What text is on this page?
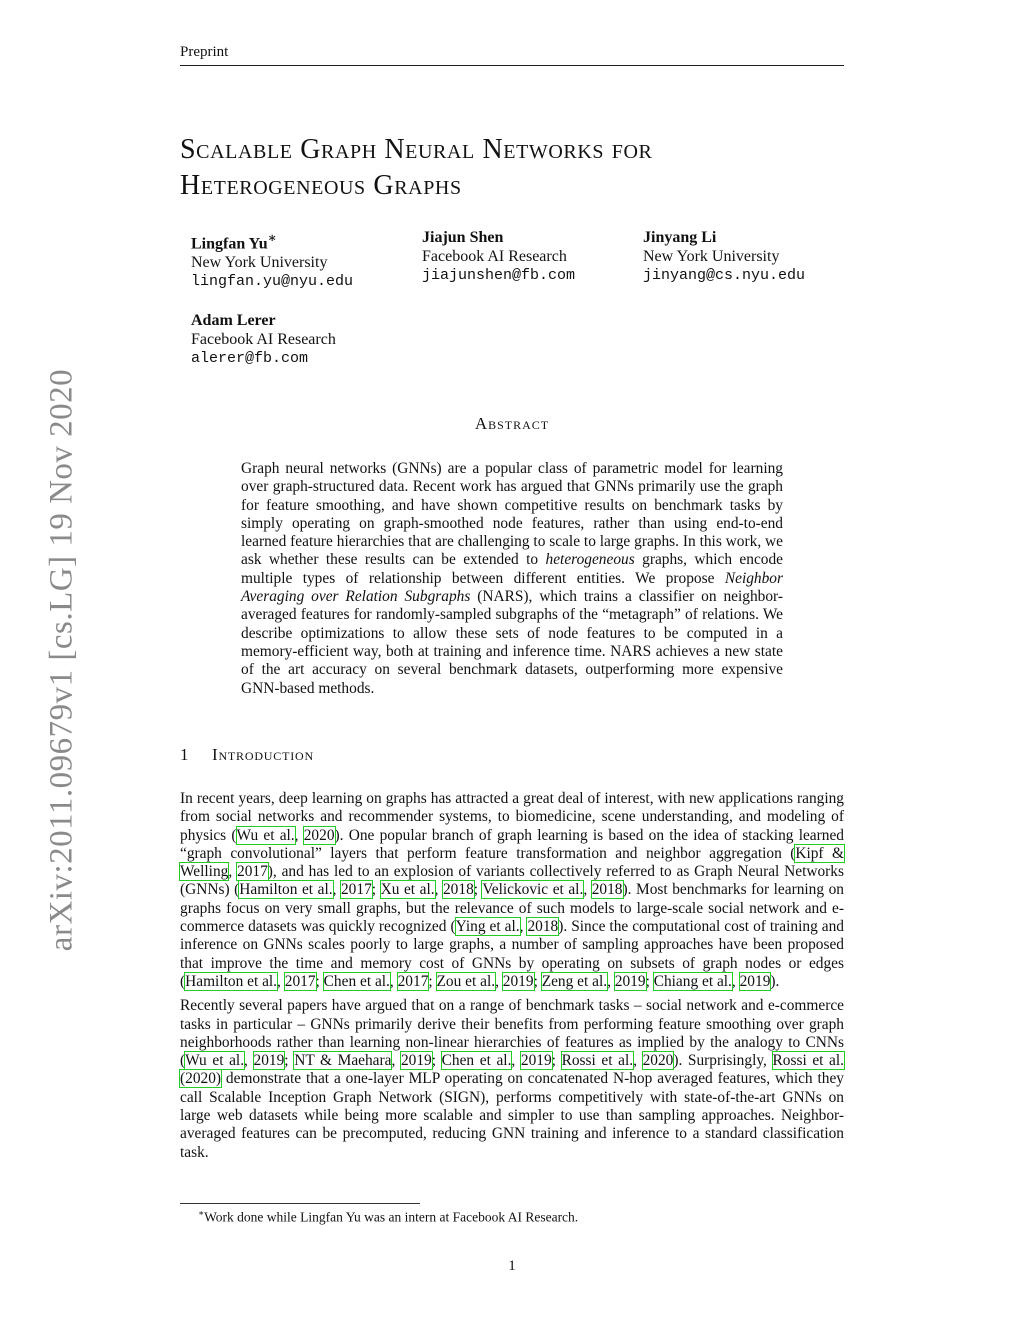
Preprint
arXiv:2011.09679v1 [cs.LG] 19 Nov 2020
Scalable Graph Neural Networks for
Heterogeneous Graphs
Lingfan Yu∗
New York University
lingfan.yu@nyu.edu
Jiajun Shen
Facebook AI Research
jiajunshen@fb.com
Jinyang Li
New York University
jinyang@cs.nyu.edu
Adam Lerer
Facebook AI Research
alerer@fb.com
Abstract
Graph neural networks (GNNs) are a popular class of parametric model for learning over graph-structured data. Recent work has argued that GNNs primarily use the graph for feature smoothing, and have shown competitive results on benchmark tasks by simply operating on graph-smoothed node features, rather than using end-to-end learned feature hierarchies that are challenging to scale to large graphs. In this work, we ask whether these results can be extended to heterogeneous graphs, which encode multiple types of relationship between different entities. We propose Neighbor Averaging over Relation Subgraphs (NARS), which trains a classifier on neighbor-averaged features for randomly-sampled subgraphs of the “metagraph” of relations. We describe optimizations to allow these sets of node features to be computed in a memory-efficient way, both at training and inference time. NARS achieves a new state of the art accuracy on several benchmark datasets, outperforming more expensive GNN-based methods.
1 Introduction

In recent years, deep learning on graphs has attracted a great deal of interest, with new applications ranging from social networks and recommender systems, to biomedicine, scene understanding, and modeling of physics (Wu et al., 2020). One popular branch of graph learning is based on the idea of stacking learned “graph convolutional” layers that perform feature transformation and neighbor aggregation (Kipf & Welling, 2017), and has led to an explosion of variants collectively referred to as Graph Neural Networks (GNNs) (Hamilton et al., 2017; Xu et al., 2018; Velickovic et al., 2018). Most benchmarks for learning on graphs focus on very small graphs, but the relevance of such models to large-scale social network and e-commerce datasets was quickly recognized (Ying et al., 2018). Since the computational cost of training and inference on GNNs scales poorly to large graphs, a number of sampling approaches have been proposed that improve the time and memory cost of GNNs by operating on subsets of graph nodes or edges (Hamilton et al., 2017; Chen et al., 2017; Zou et al., 2019; Zeng et al., 2019; Chiang et al., 2019).

Recently several papers have argued that on a range of benchmark tasks – social network and e-commerce tasks in particular – GNNs primarily derive their benefits from performing feature smoothing over graph neighborhoods rather than learning non-linear hierarchies of features as implied by the analogy to CNNs (Wu et al., 2019; NT & Maehara, 2019; Chen et al., 2019; Rossi et al., 2020). Surprisingly, Rossi et al. (2020) demonstrate that a one-layer MLP operating on concatenated N-hop averaged features, which they call Scalable Inception Graph Network (SIGN), performs competitively with state-of-the-art GNNs on large web datasets while being more scalable and simpler to use than sampling approaches. Neighbor-averaged features can be precomputed, reducing GNN training and inference to a standard classification task.

∗Work done while Lingfan Yu was an intern at Facebook AI Research.
1
